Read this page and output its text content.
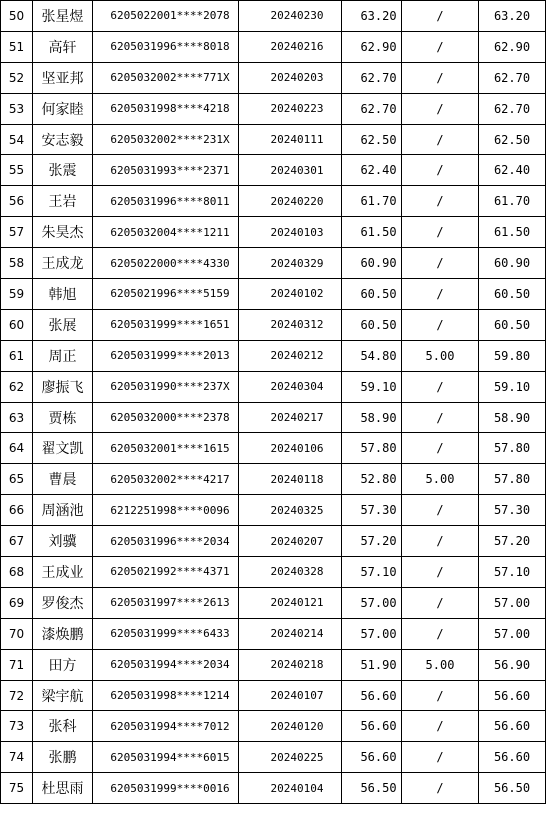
50	张星煜	6205022001****2078	20240230	63.20	/	63.20
51	高轩	6205031996****8018	20240216	62.90	/	62.90
52	坚亚邦	6205032002****771X	20240203	62.70	/	62.70
53	何家睦	6205031998****4218	20240223	62.70	/	62.70
54	安志毅	6205032002****231X	20240111	62.50	/	62.50
55	张震	6205031993****2371	20240301	62.40	/	62.40
56	王岩	6205031996****8011	20240220	61.70	/	61.70
57	朱昊杰	6205032004****1211	20240103	61.50	/	61.50
58	王成龙	6205022000****4330	20240329	60.90	/	60.90
59	韩旭	6205021996****5159	20240102	60.50	/	60.50
60	张展	6205031999****1651	20240312	60.50	/	60.50
61	周正	6205031999****2013	20240212	54.80	5.00	59.80
62	廖振飞	6205031990****237X	20240304	59.10	/	59.10
63	贾栋	6205032000****2378	20240217	58.90	/	58.90
64	翟文凯	6205032001****1615	20240106	57.80	/	57.80
65	曹晨	6205032002****4217	20240118	52.80	5.00	57.80
66	周涵池	6212251998****0096	20240325	57.30	/	57.30
67	刘骥	6205031996****2034	20240207	57.20	/	57.20
68	王成业	6205021992****4371	20240328	57.10	/	57.10
69	罗俊杰	6205031997****2613	20240121	57.00	/	57.00
70	漆焕鹏	6205031999****6433	20240214	57.00	/	57.00
71	田方	6205031994****2034	20240218	51.90	5.00	56.90
72	梁宇航	6205031998****1214	20240107	56.60	/	56.60
73	张科	6205031994****7012	20240120	56.60	/	56.60
74	张鹏	6205031994****6015	20240225	56.60	/	56.60
75	杜思雨	6205031999****0016	20240104	56.50	/	56.50
